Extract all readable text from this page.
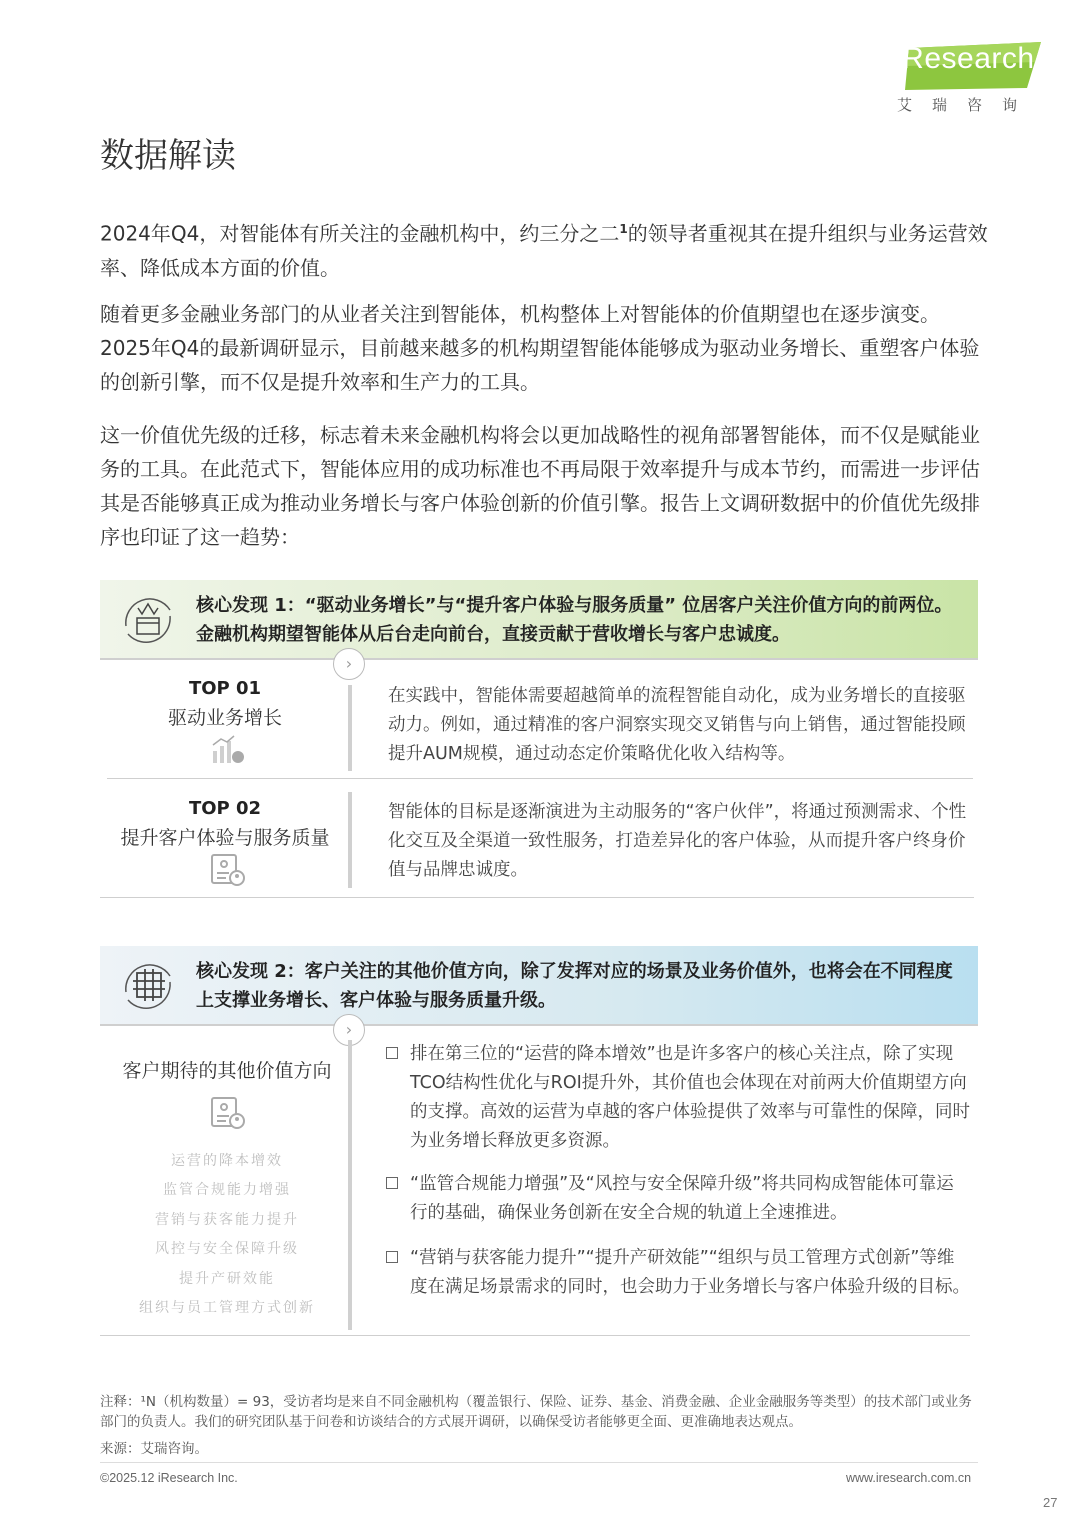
iResearch
艾瑞咨询
数据解读

2024年Q4，对智能体有所关注的金融机构中，约三分之二$^1$的领导者重视其在提升组织与业务运营效率、降低成本方面的价值。

随着更多金融业务部门的从业者关注到智能体，机构整体上对智能体的价值期望也在逐步演变。2025年Q4的最新调研显示，目前越来越多的机构期望智能体能够成为驱动业务增长、重塑客户体验的创新引擎，而不仅是提升效率和生产力的工具。

这一价值优先级的迁移，标志着未来金融机构将会以更加战略性的视角部署智能体，而不仅是赋能业务的工具。在此范式下，智能体应用的成功标准也不再局限于效率提升与成本节约，而需进一步评估其是否能够真正成为推动业务增长与客户体验创新的价值引擎。报告上文调研数据中的价值优先级排序也印证了这一趋势：

核心发现 1：“驱动业务增长”与“提升客户体验与服务质量” 位居客户关注价值方向的前两位。金融机构期望智能体从后台走向前台，直接贡献于营收增长与客户忠诚度。
›
TOP 01
驱动业务增长
在实践中，智能体需要超越简单的流程智能自动化，成为业务增长的直接驱动力。例如，通过精准的客户洞察实现交叉销售与向上销售，通过智能投顾提升AUM规模，通过动态定价策略优化收入结构等。
TOP 02
提升客户体验与服务质量
智能体的目标是逐渐演进为主动服务的“客户伙伴”，将通过预测需求、个性化交互及全渠道一致性服务，打造差异化的客户体验，从而提升客户终身价值与品牌忠诚度。
核心发现 2：客户关注的其他价值方向，除了发挥对应的场景及业务价值外，也将会在不同程度上支撑业务增长、客户体验与服务质量升级。
›
客户期待的其他价值方向
运营的降本增效
监管合规能力增强
营销与获客能力提升
风控与安全保障升级
提升产研效能
组织与员工管理方式创新
排在第三位的“运营的降本增效”也是许多客户的核心关注点，除了实现TCO结构性优化与ROI提升外，其价值也会体现在对前两大价值期望方向的支撑。高效的运营为卓越的客户体验提供了效率与可靠性的保障，同时为业务增长释放更多资源。
“监管合规能力增强”及“风控与安全保障升级”将共同构成智能体可靠运行的基础，确保业务创新在安全合规的轨道上全速推进。
“营销与获客能力提升”“提升产研效能”“组织与员工管理方式创新”等维度在满足场景需求的同时，也会助力于业务增长与客户体验升级的目标。
注释：¹N（机构数量）= 93，受访者均是来自不同金融机构（覆盖银行、保险、证券、基金、消费金融、企业金融服务等类型）的技术部门或业务部门的负责人。我们的研究团队基于问卷和访谈结合的方式展开调研，以确保受访者能够更全面、更准确地表达观点。
来源：艾瑞咨询。
©2025.12 iResearch Inc.	www.iresearch.com.cn
27
